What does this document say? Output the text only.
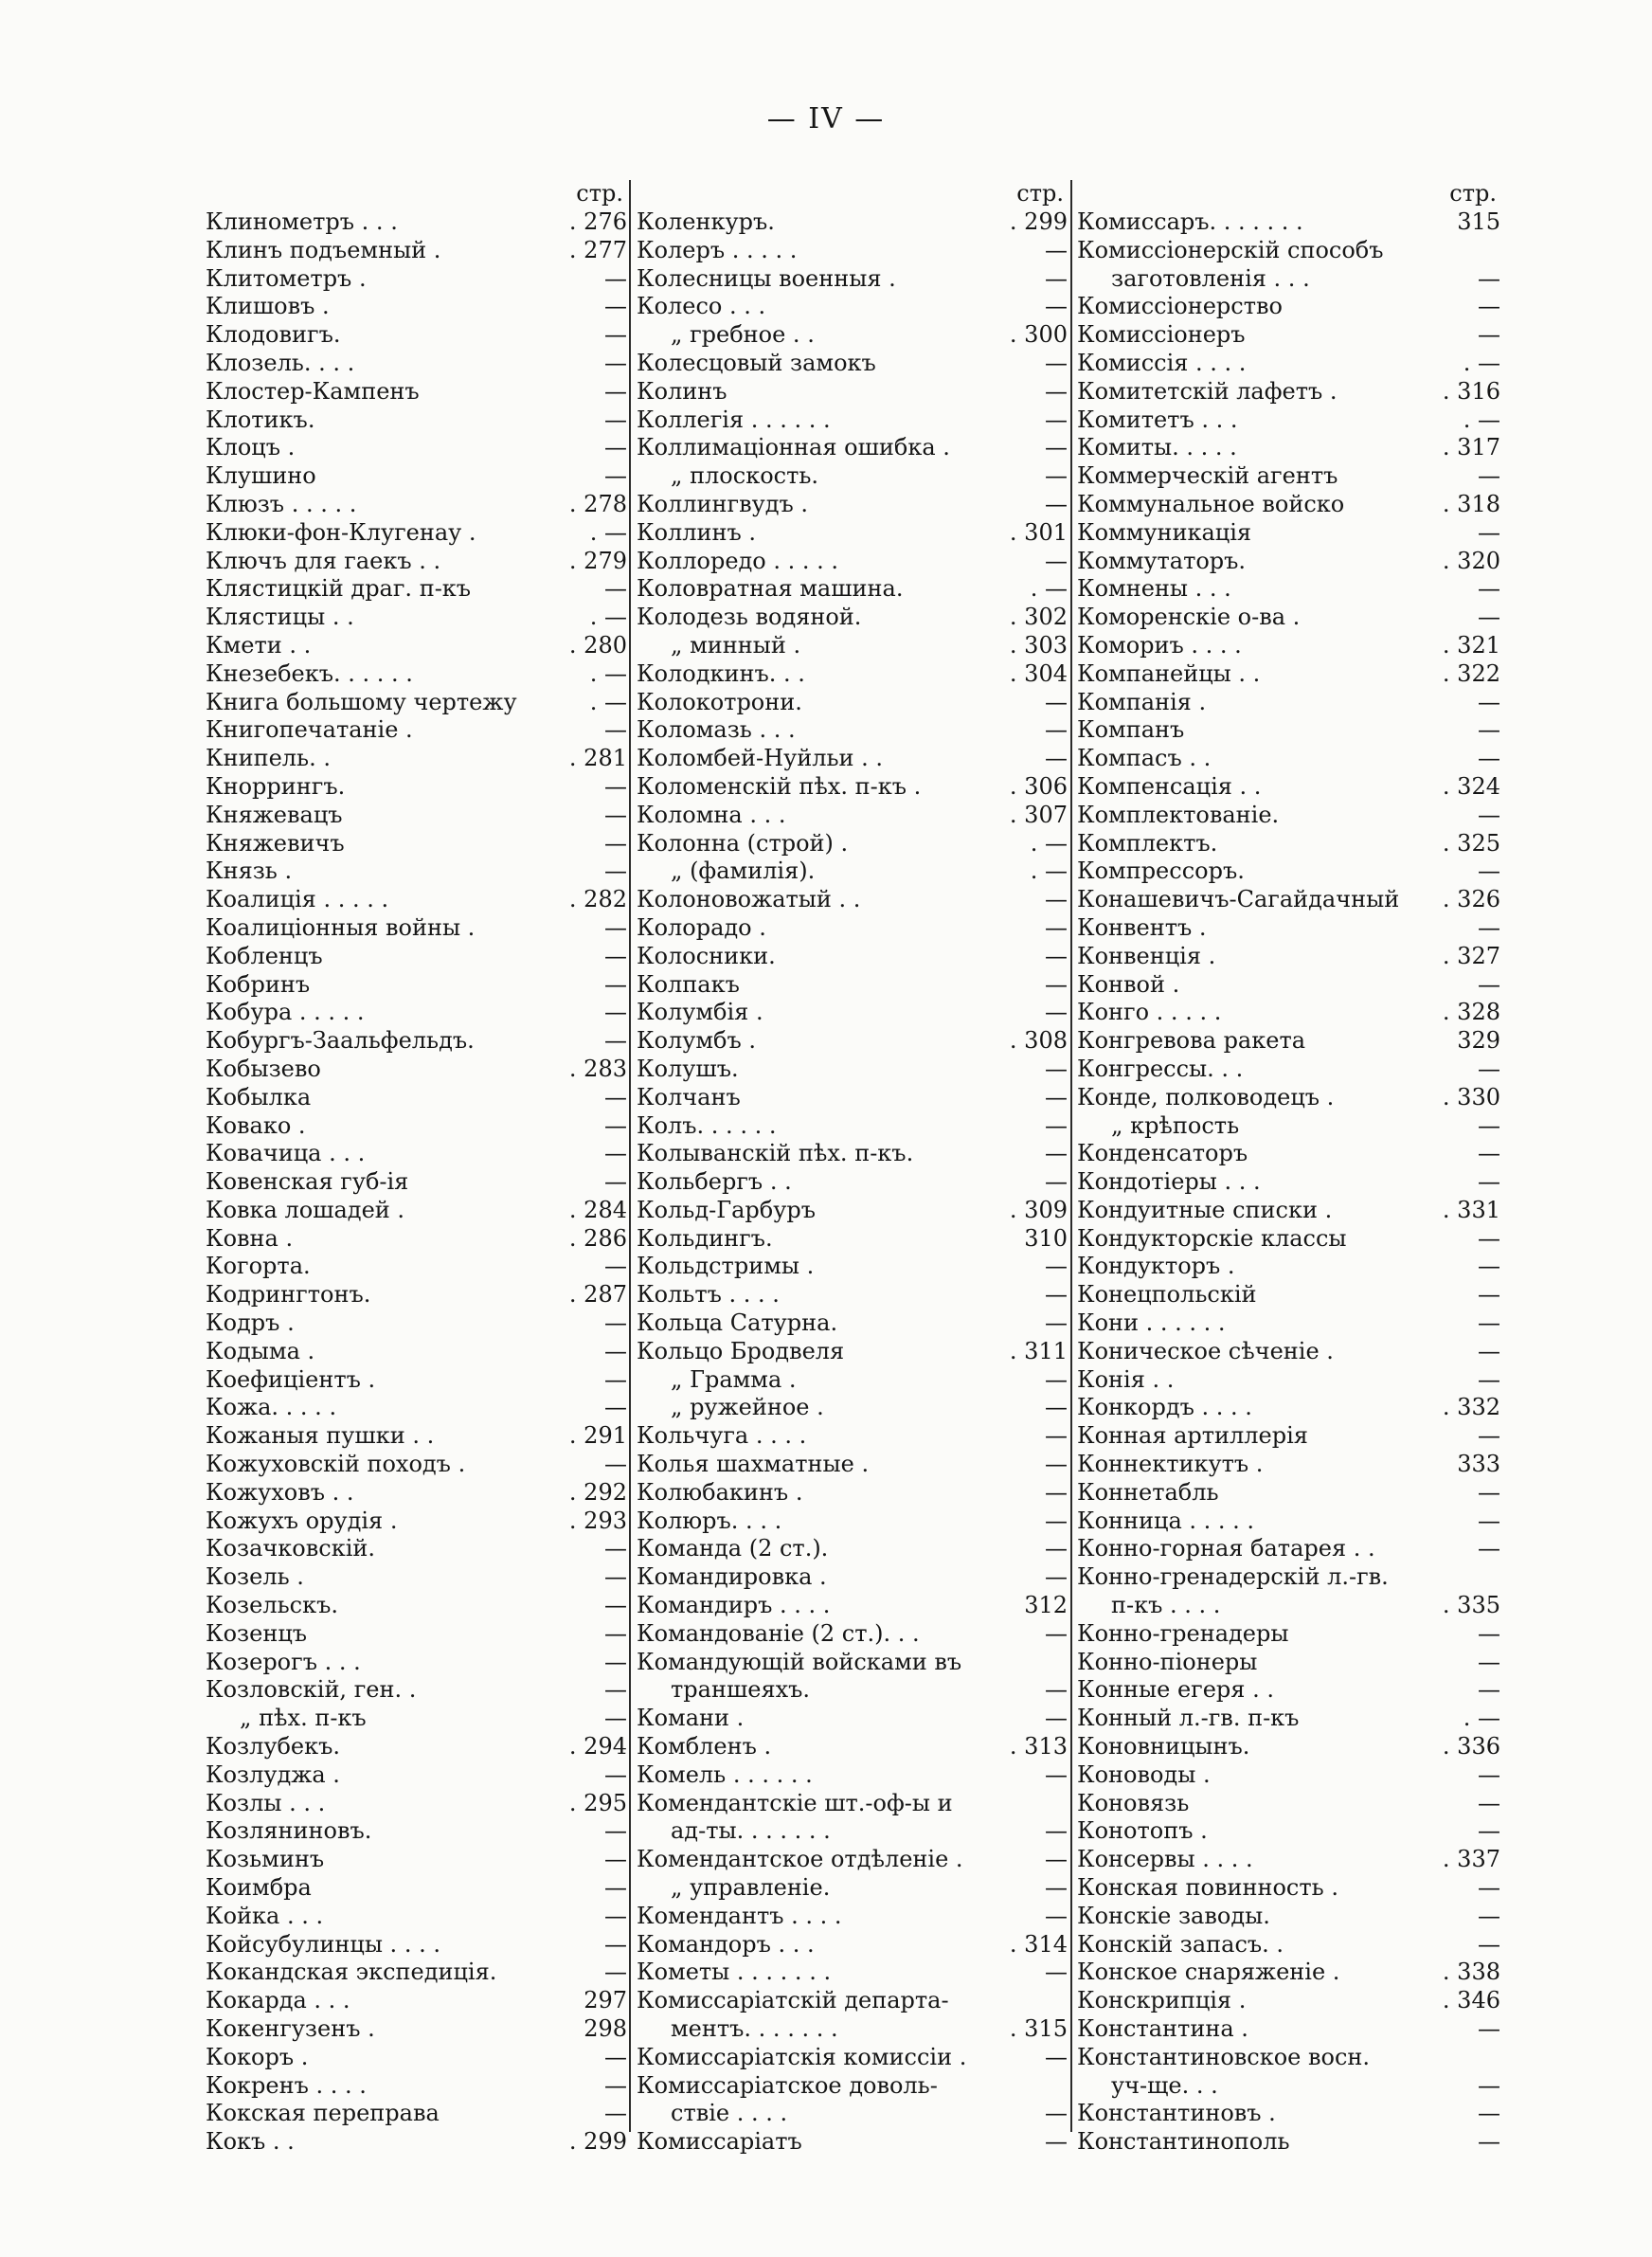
— IV —
стр.
Клинометръ . . .	. 276
Клинъ подъемный .	. 277
Клитометръ .	—
Клишовъ .	—
Клодовигъ.	—
Клозель. . . .	—
Клостер-Кампенъ	—
Клотикъ.	—
Клоцъ .	—
Клушино	—
Клюзъ . . . . .	. 278
Клюки-фон-Клугенау .	. —
Ключъ для гаекъ . .	. 279
Клястицкій драг. п-къ	—
Клястицы . .	. —
Кмети . .	. 280
Кнезебекъ. . . . . .	. —
Книга большому чертежу	. —
Книгопечатаніе .	—
Книпель. .	. 281
Кноррингъ.	—
Княжевацъ	—
Княжевичъ	—
Князь .	—
Коалиція . . . . .	. 282
Коалиціонныя войны .	—
Кобленцъ	—
Кобринъ	—
Кобура . . . . .	—
Кобургъ-Заальфельдъ.	—
Кобызево	. 283
Кобылка	—
Ковако .	—
Ковачица . . .	—
Ковенская губ-ія	—
Ковка лошадей .	. 284
Ковна .	. 286
Когорта.	—
Кодрингтонъ.	. 287
Кодръ .	—
Кодыма .	—
Коефиціентъ .	—
Кожа. . . . .	—
Кожаныя пушки . .	. 291
Кожуховскій походъ .	—
Кожуховъ . .	. 292
Кожухъ орудія .	. 293
Козачковскій.	—
Козель .	—
Козельскъ.	—
Козенцъ	—
Козерогъ . . .	—
Козловскій, ген. .	—
„ пѣх. п-къ	—
Козлубекъ.	. 294
Козлуджа .	—
Козлы . . .	. 295
Козляниновъ.	—
Козьминъ	—
Коимбра	—
Койка . . .	—
Койсубулинцы . . . .	—
Кокандская экспедиція.	—
Кокарда . . .	297
Кокенгузенъ .	298
Кокоръ .	—
Кокренъ . . . .	—
Кокская переправа	—
Кокъ . .	. 299
стр.
Коленкуръ.	. 299
Колеръ . . . . .	—
Колесницы военныя .	—
Колесо . . .	—
„ гребное . .	. 300
Колесцовый замокъ	—
Колинъ	—
Коллегія . . . . . .	—
Коллимаціонная ошибка .	—
„ плоскость.	—
Коллингвудъ .	—
Коллинъ .	. 301
Коллоредо . . . . .	—
Коловратная машина.	. —
Колодезь водяной.	. 302
„ минный .	. 303
Колодкинъ. . .	. 304
Колокотрони.	—
Коломазь . . .	—
Коломбей-Нуйльи . .	—
Коломенскій пѣх. п-къ .	. 306
Коломна . . .	. 307
Колонна (строй) .	. —
„ (фамилія).	. —
Колоновожатый . .	—
Колорадо .	—
Колосники.	—
Колпакъ	—
Колумбія .	—
Колумбъ .	. 308
Колушъ.	—
Колчанъ	—
Колъ. . . . . .	—
Колыванскій пѣх. п-къ.	—
Кольбергъ . .	—
Кольд-Гарбуръ	. 309
Кольдингъ.	310
Кольдстримы .	—
Кольтъ . . . .	—
Кольца Сатурна.	—
Кольцо Бродвеля	. 311
„ Грамма .	—
„ ружейное .	—
Кольчуга . . . .	—
Колья шахматные .	—
Колюбакинъ .	—
Колюръ. . . .	—
Команда (2 ст.).	—
Командировка .	—
Командиръ . . . .	312
Командованіе (2 ст.). . .	—
Командующій войсками въ
траншеяхъ.	—
Комани .	—
Комбленъ .	. 313
Комель . . . . . .	—
Комендантскіе шт.-оф-ы и
ад-ты. . . . . . .	—
Комендантское отдѣленіе .	—
„ управленіе.	—
Комендантъ . . . .	—
Командоръ . . .	. 314
Кометы . . . . . . .	—
Комиссаріатскій департа-
ментъ. . . . . . .	. 315
Комиссаріатскія комиссіи .	—
Комиссаріатское доволь-
ствіе . . . .	—
Комиссаріатъ	—
стр.
Комиссаръ. . . . . . .	315
Комиссіонерскій способъ
заготовленія . . .	—
Комиссіонерство	—
Комиссіонеръ	—
Комиссія . . . .	. —
Комитетскій лафетъ .	. 316
Комитетъ . . .	. —
Комиты. . . . .	. 317
Коммерческій агентъ	—
Коммунальное войско	. 318
Коммуникація	—
Коммутаторъ.	. 320
Комнены . . .	—
Коморенскіе о-ва .	—
Комориъ . . . .	. 321
Компанейцы . .	. 322
Компанія .	—
Компанъ	—
Компасъ . .	—
Компенсація . .	. 324
Комплектованіе.	—
Комплектъ.	. 325
Компрессоръ.	—
Конашевичъ-Сагайдачный . 326
Конвентъ .	—
Конвенція .	. 327
Конвой .	—
Конго . . . . .	. 328
Конгревова ракета	329
Конгрессы. . .	—
Конде, полководецъ .	. 330
„ крѣпость	—
Конденсаторъ	—
Кондотіеры . . .	—
Кондуитные списки .	. 331
Кондукторскіе классы	—
Кондукторъ .	—
Конецпольскій	—
Кони . . . . . .	—
Коническое сѣченіе .	—
Конія . .	—
Конкордъ . . . .	. 332
Конная артиллерія	—
Коннектикутъ .	333
Коннетабль	—
Конница . . . . .	—
Конно-горная батарея . .	—
Конно-гренадерскій л.-гв.
п-къ . . . .	. 335
Конно-гренадеры	—
Конно-піонеры	—
Конные егеря . .	—
Конный л.-гв. п-къ	. —
Коновницынъ.	. 336
Коноводы .	—
Коновязь	—
Конотопъ .	—
Консервы . . . .	. 337
Конская повинность .	—
Конскіе заводы.	—
Конскій запасъ. .	—
Конское снаряженіе .	. 338
Конскрипція .	. 346
Константина .	—
Константиновское восн.
уч-ще. . .	—
Константиновъ .	—
Константинополь	—
